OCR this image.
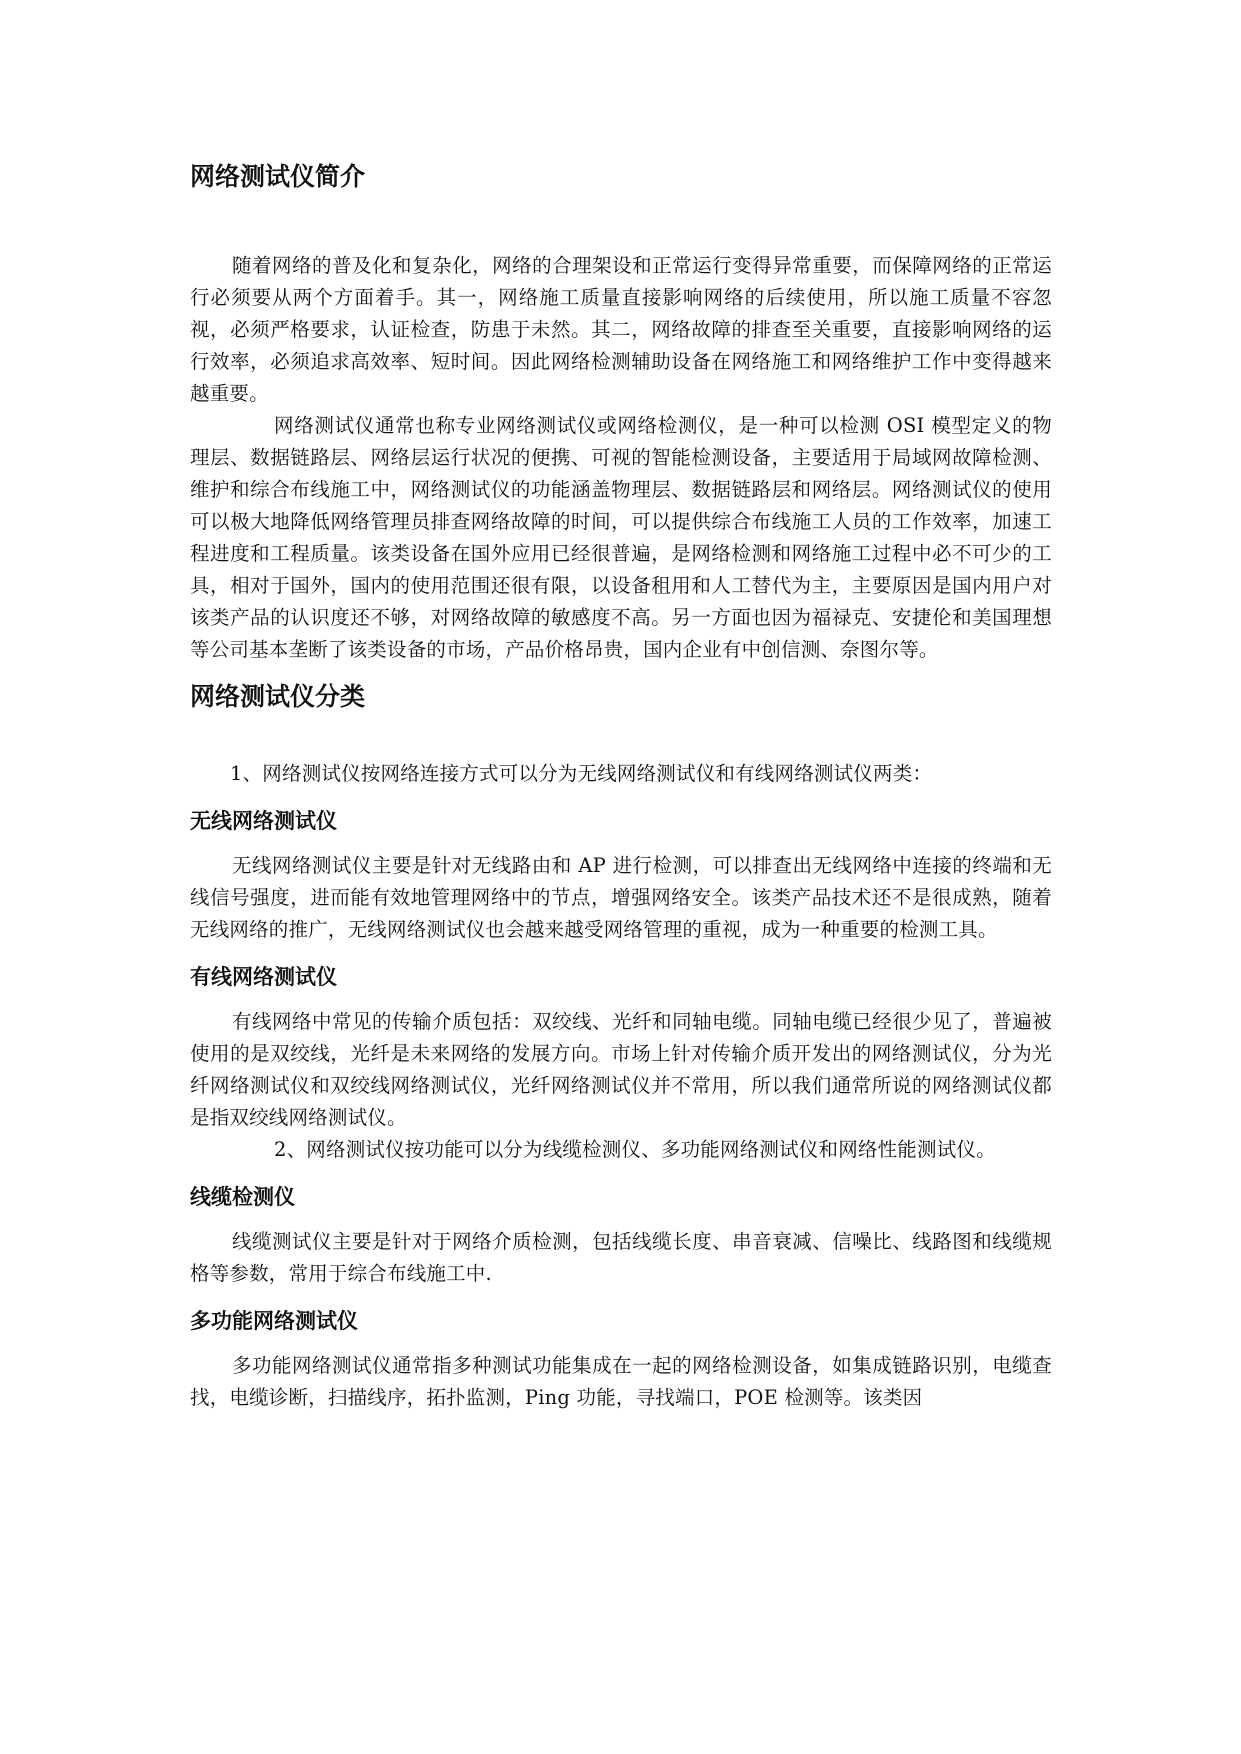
网络测试仪简介

随着网络的普及化和复杂化，网络的合理架设和正常运行变得异常重要，而保障网络的正常运行必须要从两个方面着手。其一，网络施工质量直接影响网络的后续使用，所以施工质量不容忽视，必须严格要求，认证检查，防患于未然。其二，网络故障的排查至关重要，直接影响网络的运行效率，必须追求高效率、短时间。因此网络检测辅助设备在网络施工和网络维护工作中变得越来越重要。

网络测试仪通常也称专业网络测试仪或网络检测仪，是一种可以检测 OSI 模型定义的物理层、数据链路层、网络层运行状况的便携、可视的智能检测设备，主要适用于局域网故障检测、维护和综合布线施工中，网络测试仪的功能涵盖物理层、数据链路层和网络层。网络测试仪的使用可以极大地降低网络管理员排查网络故障的时间，可以提供综合布线施工人员的工作效率，加速工程进度和工程质量。该类设备在国外应用已经很普遍，是网络检测和网络施工过程中必不可少的工具，相对于国外，国内的使用范围还很有限，以设备租用和人工替代为主，主要原因是国内用户对该类产品的认识度还不够，对网络故障的敏感度不高。另一方面也因为福禄克、安捷伦和美国理想等公司基本垄断了该类设备的市场，产品价格昂贵，国内企业有中创信测、奈图尔等。

网络测试仪分类

1、网络测试仪按网络连接方式可以分为无线网络测试仪和有线网络测试仪两类：

无线网络测试仪

无线网络测试仪主要是针对无线路由和 AP 进行检测，可以排查出无线网络中连接的终端和无线信号强度，进而能有效地管理网络中的节点，增强网络安全。该类产品技术还不是很成熟，随着无线网络的推广，无线网络测试仪也会越来越受网络管理的重视，成为一种重要的检测工具。

有线网络测试仪

有线网络中常见的传输介质包括：双绞线、光纤和同轴电缆。同轴电缆已经很少见了，普遍被使用的是双绞线，光纤是未来网络的发展方向。市场上针对传输介质开发出的网络测试仪，分为光纤网络测试仪和双绞线网络测试仪，光纤网络测试仪并不常用，所以我们通常所说的网络测试仪都是指双绞线网络测试仪。

2、网络测试仪按功能可以分为线缆检测仪、多功能网络测试仪和网络性能测试仪。

线缆检测仪

线缆测试仪主要是针对于网络介质检测，包括线缆长度、串音衰减、信噪比、线路图和线缆规格等参数，常用于综合布线施工中.

多功能网络测试仪

多功能网络测试仪通常指多种测试功能集成在一起的网络检测设备，如集成链路识别，电缆查找，电缆诊断，扫描线序，拓扑监测，Ping 功能，寻找端口，POE 检测等。该类因
